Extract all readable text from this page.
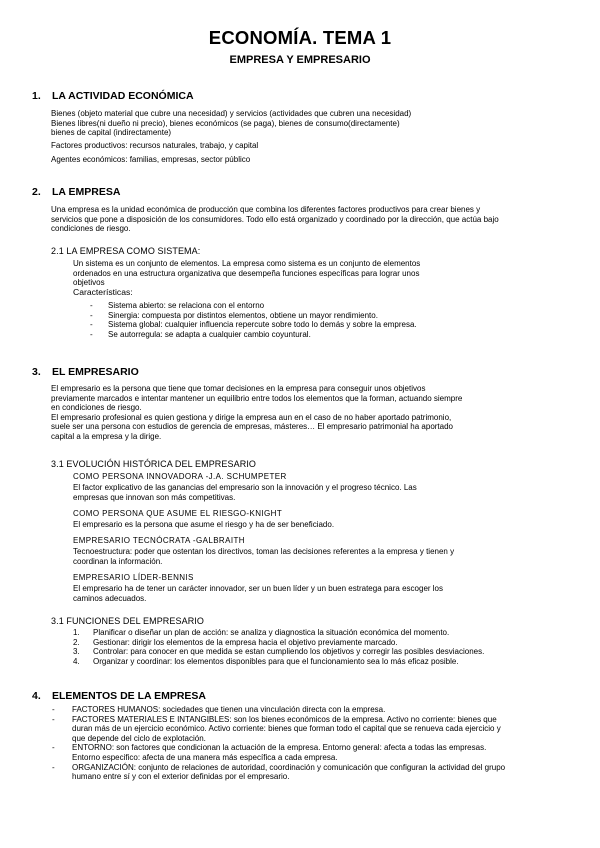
ECONOMÍA. TEMA 1
EMPRESA Y EMPRESARIO
1. LA ACTIVIDAD ECONÓMICA
Bienes (objeto material que cubre una necesidad) y servicios (actividades que cubren una necesidad)
Bienes libres(ni dueño ni precio), bienes económicos (se paga), bienes de consumo(directamente)
bienes de capital (indirectamente)
Factores productivos: recursos naturales, trabajo, y capital
Agentes económicos: familias, empresas, sector público
2. LA EMPRESA
Una empresa es la unidad económica de producción que combina los diferentes factores productivos para crear bienes y
servicios que pone a disposición de los consumidores. Todo ello está organizado y coordinado por la dirección, que actúa bajo
condiciones de riesgo.
2.1 LA EMPRESA COMO SISTEMA:
Un sistema es un conjunto de elementos. La empresa como sistema es un conjunto de elementos
ordenados en una estructura organizativa que desempeña funciones específicas para lograr unos
objetivos
Características:
- Sistema abierto: se relaciona con el entorno
- Sinergia: compuesta por distintos elementos, obtiene un mayor rendimiento.
- Sistema global: cualquier influencia repercute sobre todo lo demás y sobre la empresa.
- Se autorregula: se adapta a cualquier cambio coyuntural.
3. EL EMPRESARIO
El empresario es la persona que tiene que tomar decisiones en la empresa para conseguir unos objetivos
previamente marcados e intentar mantener un equilibrio entre todos los elementos que la forman, actuando siempre
en condiciones de riesgo.
El empresario profesional es quien gestiona y dirige la empresa aun en el caso de no haber aportado patrimonio,
suele ser una persona con estudios de gerencia de empresas, másteres… El empresario patrimonial ha aportado
capital a la empresa y la dirige.
3.1 EVOLUCIÓN HISTÓRICA DEL EMPRESARIO
COMO PERSONA INNOVADORA -J.A. SCHUMPETER
El factor explicativo de las ganancias del empresario son la innovación y el progreso técnico. Las
empresas que innovan son más competitivas.
COMO PERSONA QUE ASUME EL RIESGO-KNIGHT
El empresario es la persona que asume el riesgo y ha de ser beneficiado.
EMPRESARIO TECNÓCRATA -GALBRAITH
Tecnoestructura: poder que ostentan los directivos, toman las decisiones referentes a la empresa y tienen y
coordinan la información.
EMPRESARIO LÍDER-BENNIS
El empresario ha de tener un carácter innovador, ser un buen líder y un buen estratega para escoger los
caminos adecuados.
3.1 FUNCIONES DEL EMPRESARIO
1. Planificar o diseñar un plan de acción: se analiza y diagnostica la situación económica del momento.
2. Gestionar: dirigir los elementos de la empresa hacia el objetivo previamente marcado.
3. Controlar: para conocer en que medida se estan cumpliendo los objetivos y corregir las posibles desviaciones.
4. Organizar y coordinar: los elementos disponibles para que el funcionamiento sea lo más eficaz posible.
4. ELEMENTOS DE LA EMPRESA
- FACTORES HUMANOS: sociedades que tienen una vinculación directa con la empresa.
- FACTORES MATERIALES E INTANGIBLES: son los bienes económicos de la empresa. Activo no corriente: bienes que
duran más de un ejercicio económico. Activo corriente: bienes que forman todo el capital que se renueva cada ejercicio y
que depende del ciclo de explotación.
- ENTORNO: son factores que condicionan la actuación de la empresa. Entorno general: afecta a todas las empresas.
Entorno especifico: afecta de una manera más específica a cada empresa.
- ORGANIZACIÓN: conjunto de relaciones de autoridad, coordinación y comunicación que configuran la actividad del grupo
humano entre sí y con el exterior definidas por el empresario.
